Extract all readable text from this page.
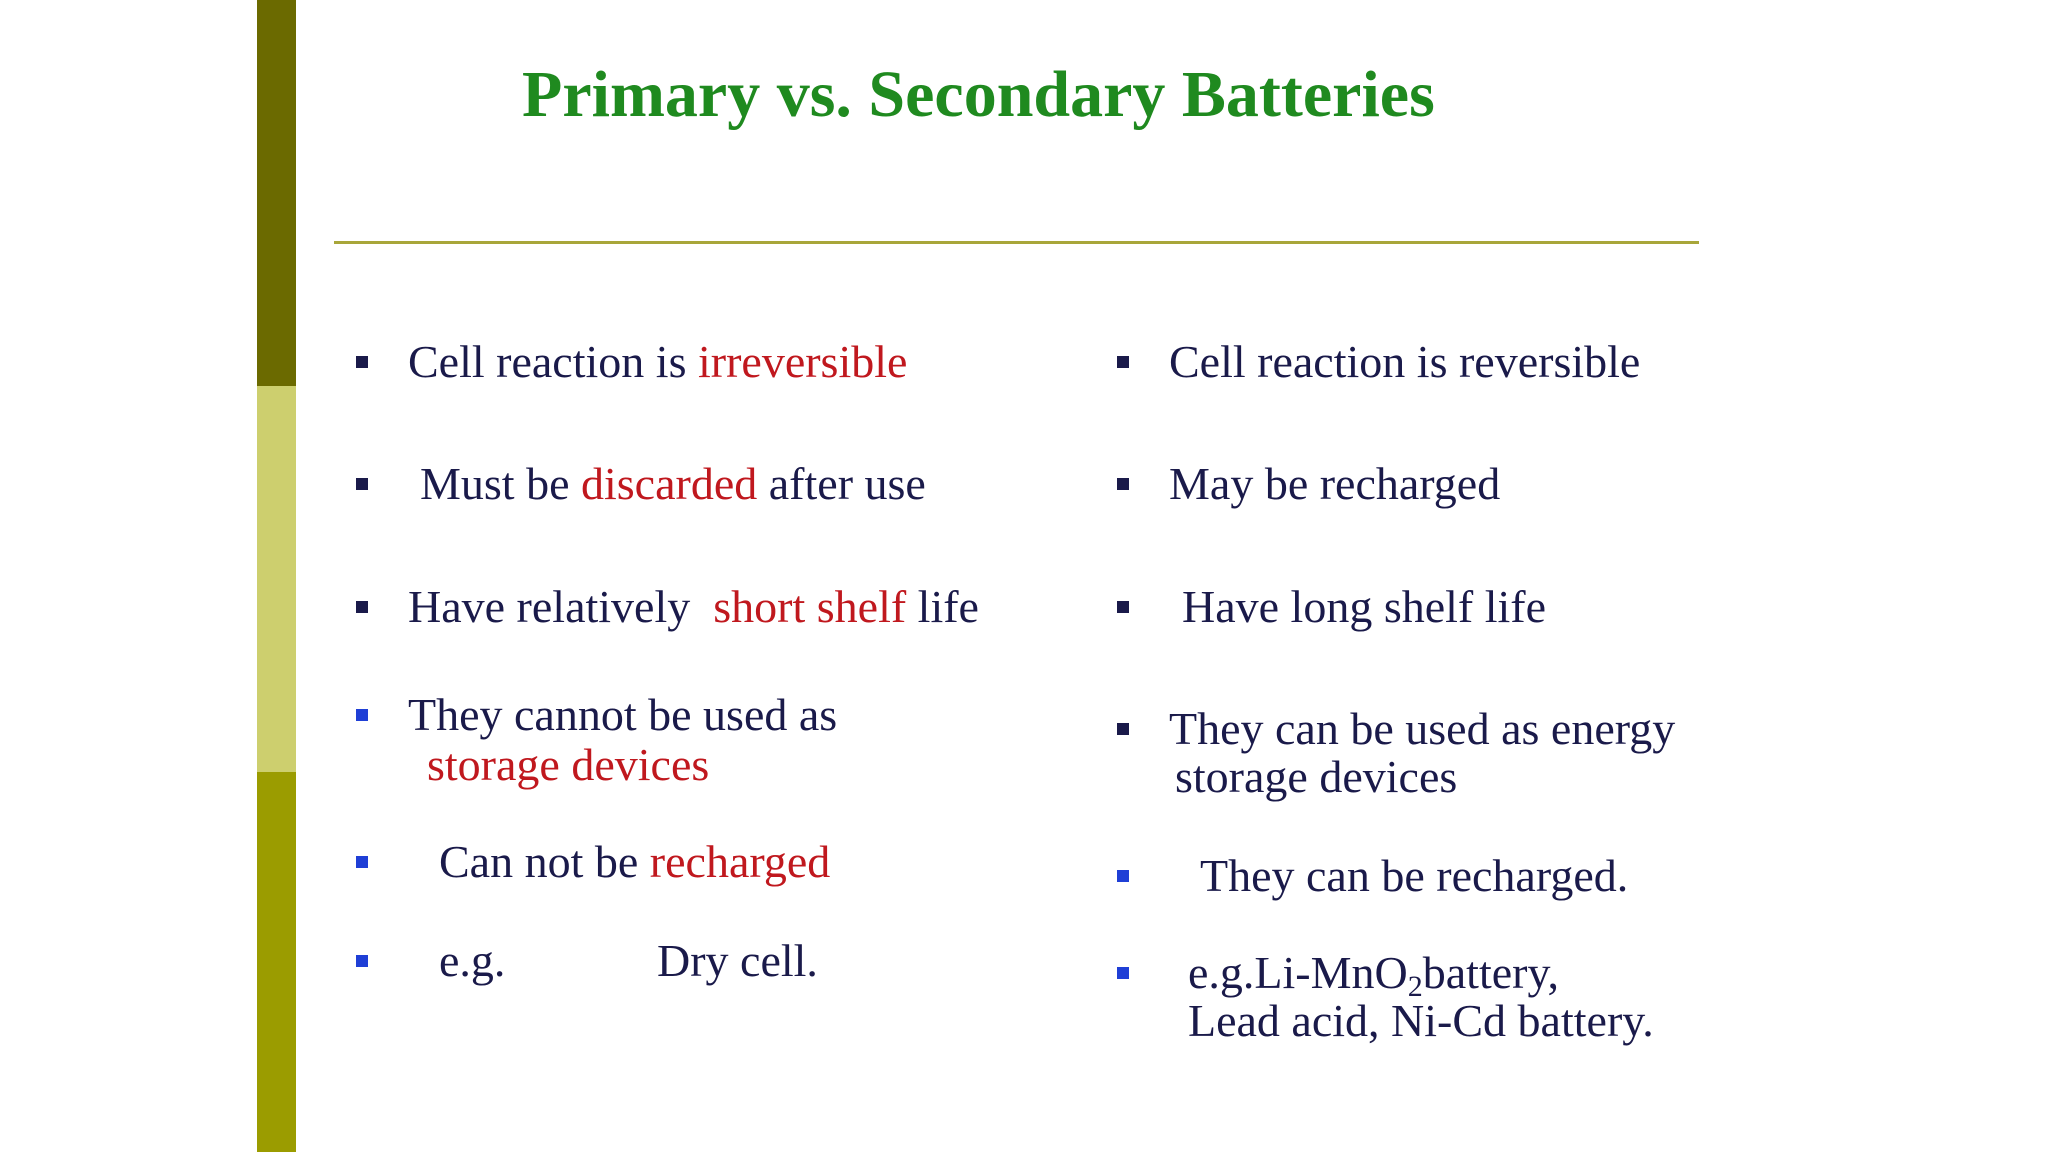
Primary vs. Secondary Batteries
Cell reaction is irreversible
Must be discarded after use
Have relatively  short shelf life
They cannot be used as
storage devices
Can not be recharged
e.g.	Dry cell.
Cell reaction is reversible
May be recharged
Have long shelf life
They can be used as energy
storage devices
They can be recharged.
e.g.Li-MnO$_2$battery,
Lead acid, Ni-Cd battery.
